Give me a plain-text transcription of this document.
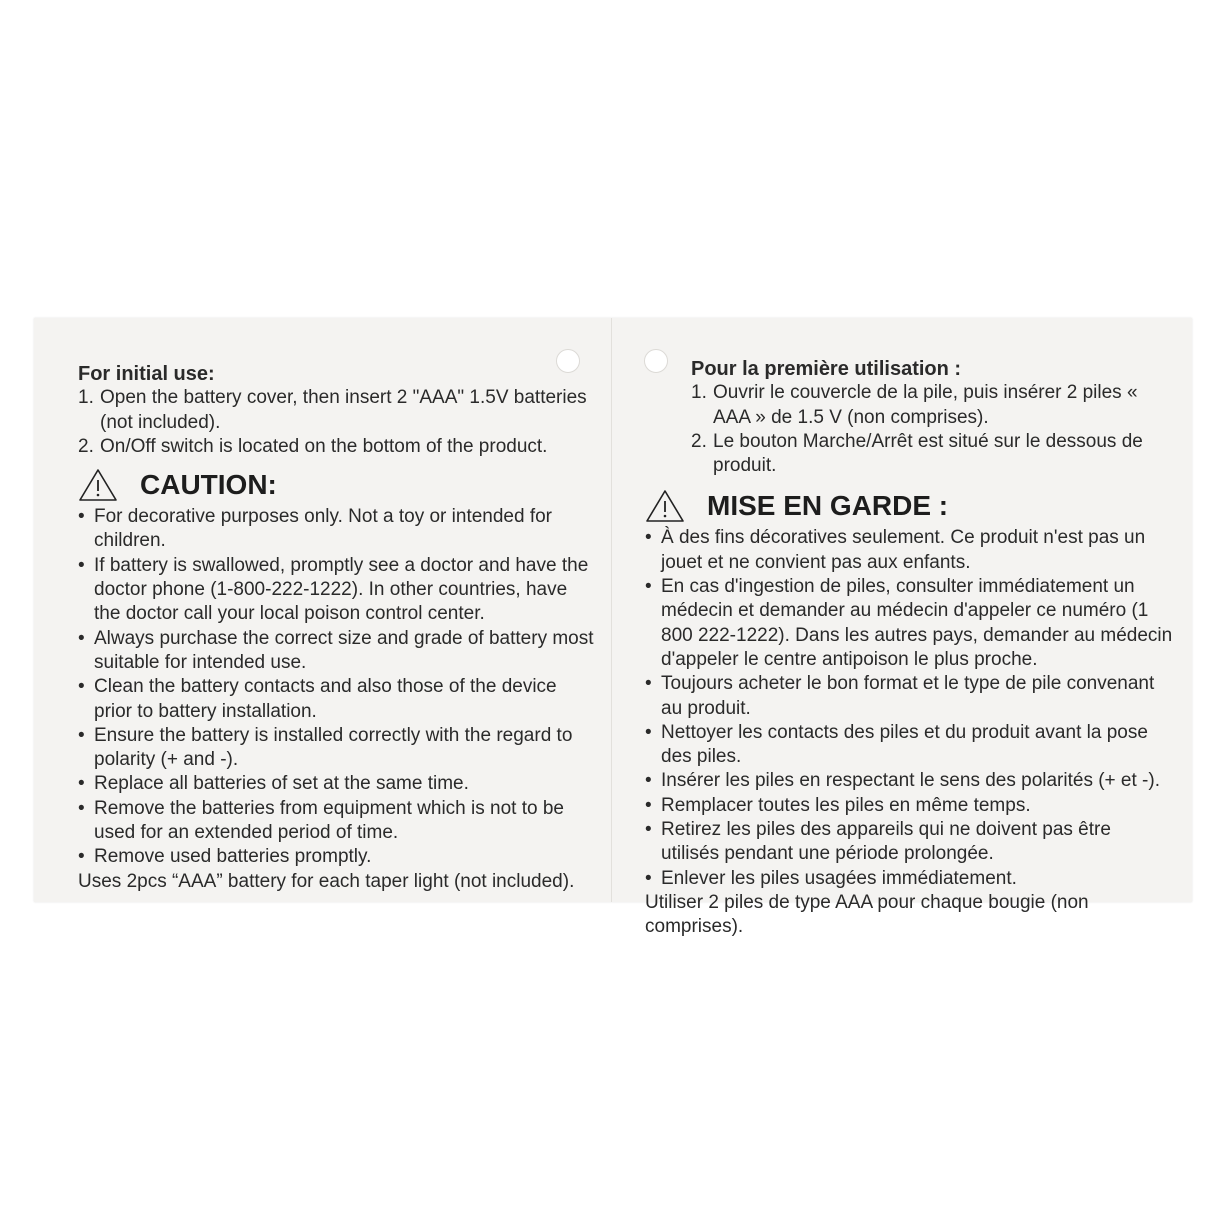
For initial use:
1. Open the battery cover, then insert 2 "AAA" 1.5V batteries (not included).
2. On/Off switch is located on the bottom of the product.
CAUTION:
• For decorative purposes only. Not a toy or intended for children.
• If battery is swallowed, promptly see a doctor and have the doctor phone (1-800-222-1222). In other countries, have the doctor call your local poison control center.
• Always purchase the correct size and grade of battery most suitable for intended use.
• Clean the battery contacts and also those of the device prior to battery installation.
• Ensure the battery is installed correctly with the regard to polarity (+ and -).
• Replace all batteries of set at the same time.
• Remove the batteries from equipment which is not to be used for an extended period of time.
• Remove used batteries promptly.
Uses 2pcs “AAA” battery for each taper light (not included).
Pour la première utilisation :
1. Ouvrir le couvercle de la pile, puis insérer 2 piles « AAA » de 1.5 V (non comprises).
2. Le bouton Marche/Arrêt est situé sur le dessous de produit.
MISE EN GARDE :
• À des fins décoratives seulement. Ce produit n'est pas un jouet et ne convient pas aux enfants.
• En cas d'ingestion de piles, consulter immédiatement un médecin et demander au médecin d'appeler ce numéro (1 800 222-1222). Dans les autres pays, demander au médecin d'appeler le centre antipoison le plus proche.
• Toujours acheter le bon format et le type de pile convenant au produit.
• Nettoyer les contacts des piles et du produit avant la pose des piles.
• Insérer les piles en respectant le sens des polarités (+ et -).
• Remplacer toutes les piles en même temps.
• Retirez les piles des appareils qui ne doivent pas être utilisés pendant une période prolongée.
• Enlever les piles usagées immédiatement.
Utiliser 2 piles de type AAA pour chaque bougie (non comprises).
